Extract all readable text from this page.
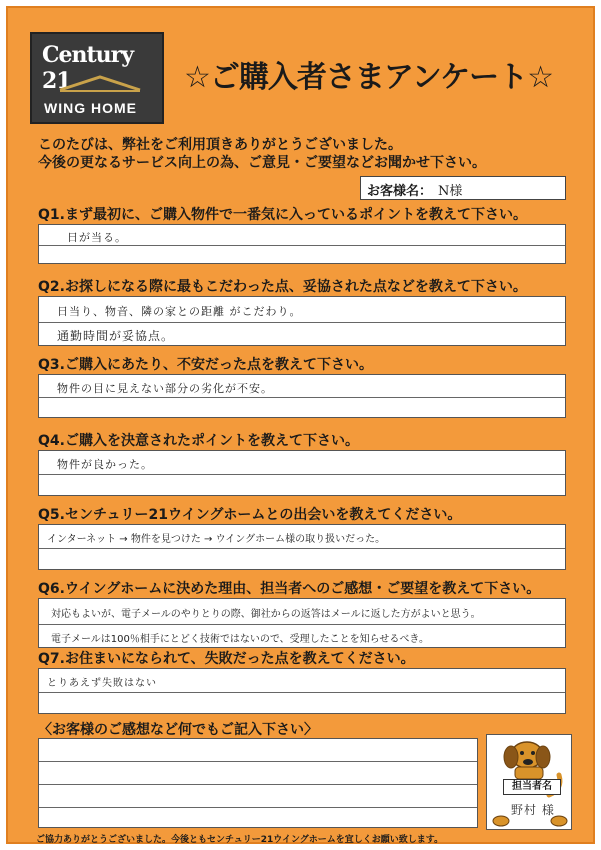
Century 21
WING HOME
☆ご購入者さまアンケート☆
このたびは、弊社をご利用頂きありがとうございました。
今後の更なるサービス向上の為、ご意見・ご要望などお聞かせ下さい。
お客様名： N様
Q1.まず最初に、ご購入物件で一番気に入っているポイントを教えて下さい。
日が当る。
Q2.お探しになる際に最もこだわった点、妥協された点などを教えて下さい。
日当り、物音、隣の家との距離 がこだわり。
通勤時間が妥協点。
Q3.ご購入にあたり、不安だった点を教えて下さい。
物件の目に見えない部分の劣化が不安。
Q4.ご購入を決意されたポイントを教えて下さい。
物件が良かった。
Q5.センチュリー21ウイングホームとの出会いを教えてください。
インターネット → 物件を見つけた → ウイングホーム様の取り扱いだった。
Q6.ウイングホームに決めた理由、担当者へのご感想・ご要望を教えて下さい。
対応もよいが、電子メールのやりとりの際、御社からの返答はメールに返した方がよいと思う。
電子メールは100％相手にとどく技術ではないので、受理したことを知らせるべき。
Q7.お住まいになられて、失敗だった点を教えてください。
とりあえず失敗はない
〈お客様のご感想など何でもご記入下さい〉
担当者名
野村 様
ご協力ありがとうございました。今後ともセンチュリー21ウイングホームを宜しくお願い致します。
